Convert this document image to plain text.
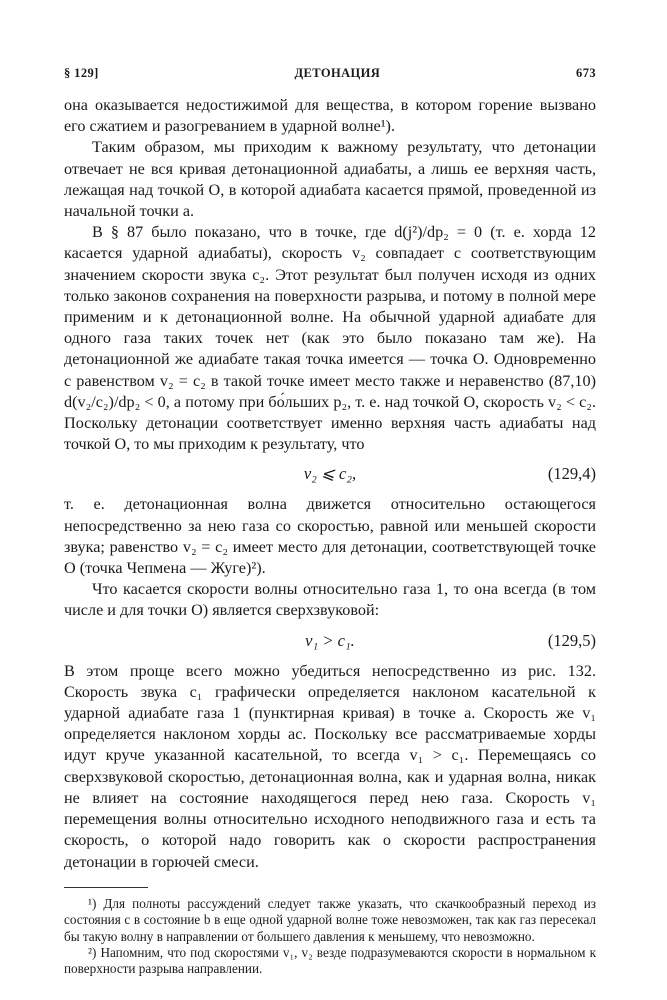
§ 129]	ДЕТОНАЦИЯ	673

она оказывается недостижимой для вещества, в котором горение вызвано его сжатием и разогреванием в ударной волне¹).

Таким образом, мы приходим к важному результату, что детонации отвечает не вся кривая детонационной адиабаты, а лишь ее верхняя часть, лежащая над точкой O, в которой адиабата касается прямой, проведенной из начальной точки a.

В § 87 было показано, что в точке, где d(j²)/dp₂ = 0 (т. е. хорда 12 касается ударной адиабаты), скорость v₂ совпадает с соответствующим значением скорости звука c₂. Этот результат был получен исходя из одних только законов сохранения на поверхности разрыва, и потому в полной мере применим и к детонационной волне. На обычной ударной адиабате для одного газа таких точек нет (как это было показано там же). На детонационной же адиабате такая точка имеется — точка O. Одновременно с равенством v₂ = c₂ в такой точке имеет место также и неравенство (87,10) d(v₂/c₂)/dp₂ < 0, а потому при бо́льших p₂, т. е. над точкой O, скорость v₂ < c₂. Поскольку детонации соответствует именно верхняя часть адиабаты над точкой O, то мы приходим к результату, что

v₂ ⩽ c₂,	(129,4)

т. е. детонационная волна движется относительно остающегося непосредственно за нею газа со скоростью, равной или меньшей скорости звука; равенство v₂ = c₂ имеет место для детонации, соответствующей точке O (точка Чепмена — Жуге)²).

Что касается скорости волны относительно газа 1, то она всегда (в том числе и для точки O) является сверхзвуковой:

v₁ > c₁.	(129,5)

В этом проще всего можно убедиться непосредственно из рис. 132. Скорость звука c₁ графически определяется наклоном касательной к ударной адиабате газа 1 (пунктирная кривая) в точке a. Скорость же v₁ определяется наклоном хорды ac. Поскольку все рассматриваемые хорды идут круче указанной касательной, то всегда v₁ > c₁. Перемещаясь со сверхзвуковой скоростью, детонационная волна, как и ударная волна, никак не влияет на состояние находящегося перед нею газа. Скорость v₁ перемещения волны относительно исходного неподвижного газа и есть та скорость, о которой надо говорить как о скорости распространения детонации в горючей смеси.

¹) Для полноты рассуждений следует также указать, что скачкообразный переход из состояния c в состояние b в еще одной ударной волне тоже невозможен, так как газ пересекал бы такую волну в направлении от большего давления к меньшему, что невозможно.

²) Напомним, что под скоростями v₁, v₂ везде подразумеваются скорости в нормальном к поверхности разрыва направлении.
